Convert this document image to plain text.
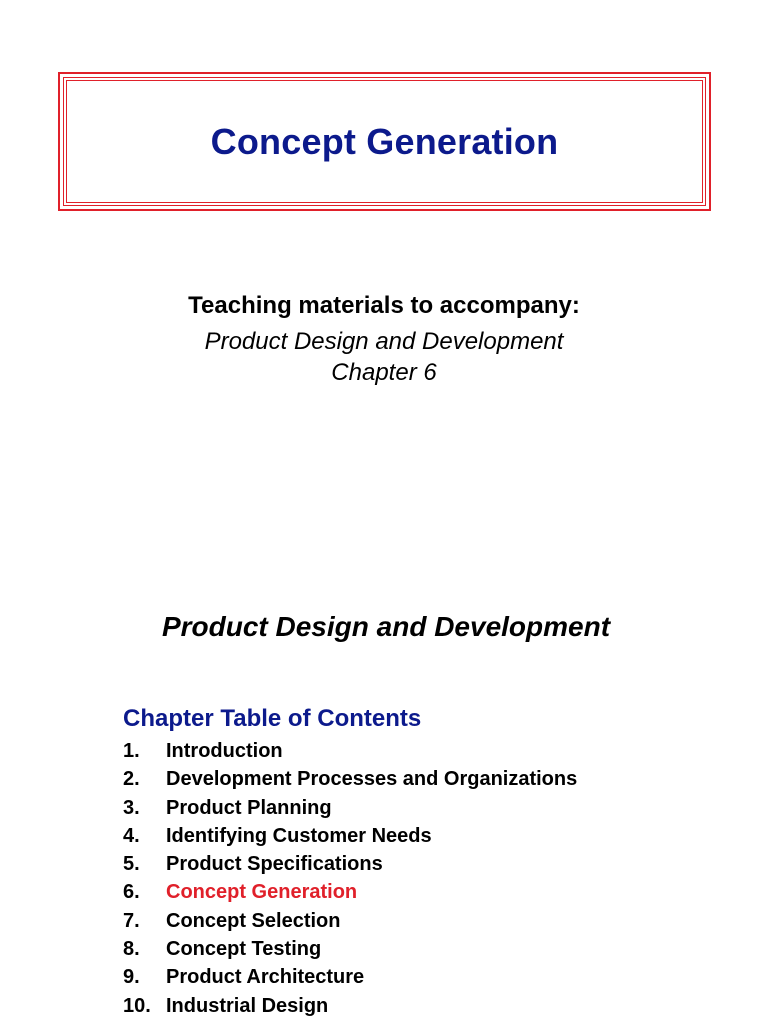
Concept Generation
Teaching materials to accompany:
Product Design and Development
Chapter 6
Product Design and Development
Chapter Table of Contents
1. Introduction
2. Development Processes and Organizations
3. Product Planning
4. Identifying Customer Needs
5. Product Specifications
6. Concept Generation
7. Concept Selection
8. Concept Testing
9. Product Architecture
10. Industrial Design
